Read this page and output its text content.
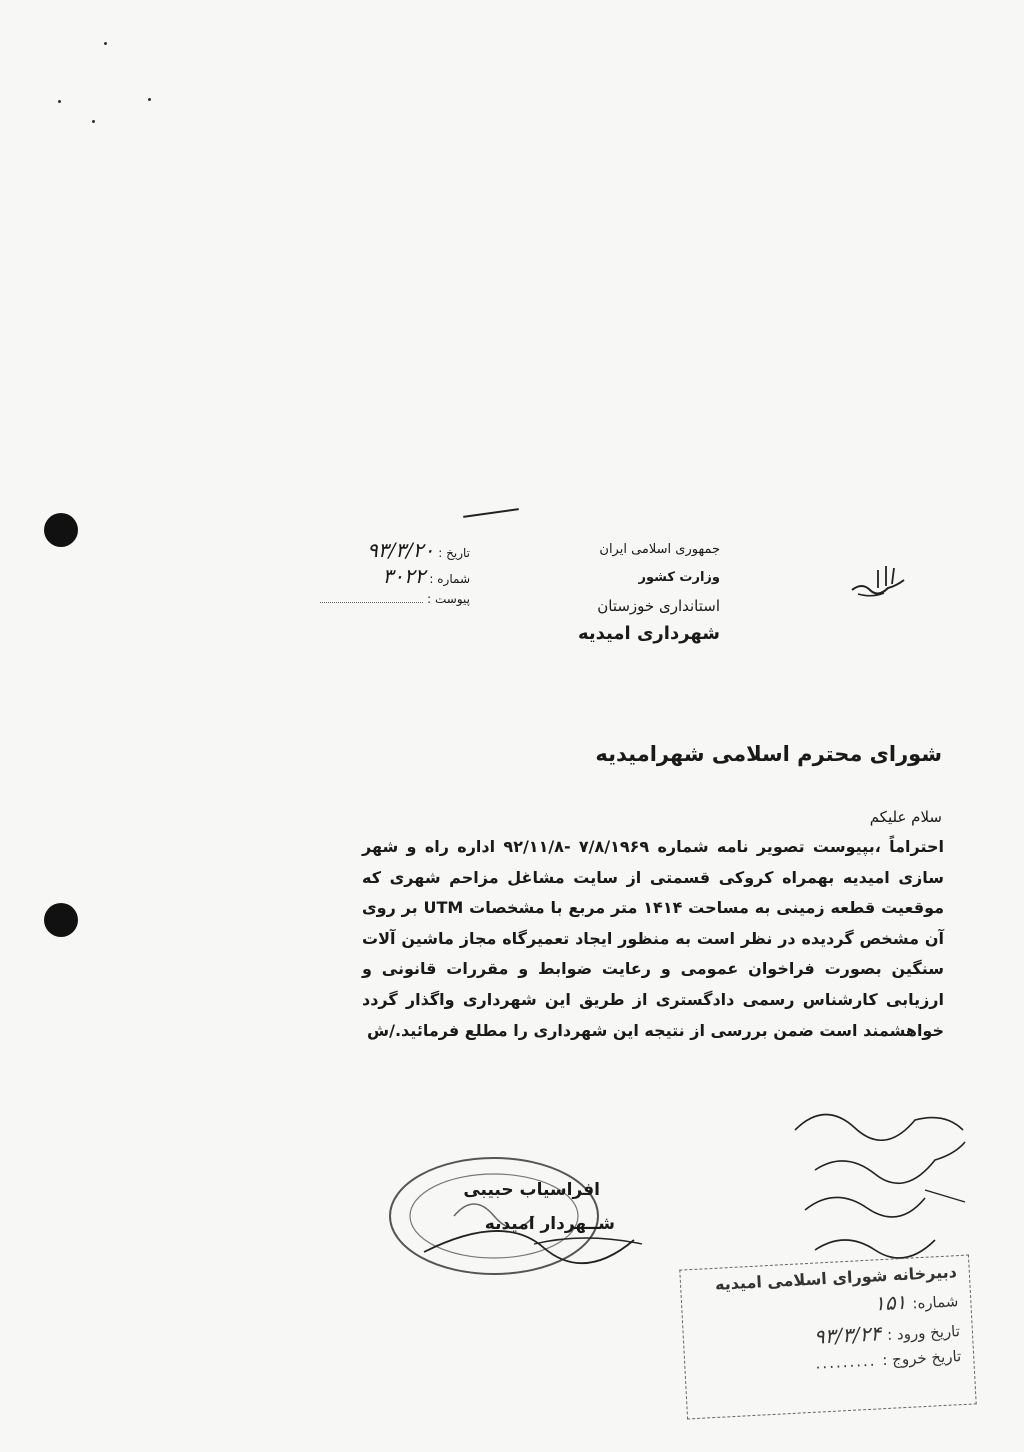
تاریخ :
۹۳/۳/۲۰
شماره :
۳۰۲۲
پیوست :
جمهوری اسلامی ایران
وزارت کشور
استانداری خوزستان
شهرداری امیدیه
شورای محترم اسلامی شهرامیدیه
سلام علیکم

احتراماً ،بپیوست تصویر نامه شماره ۷/۸/۱۹۶۹ -۹۲/۱۱/۸ اداره راه و شهر سازی امیدیه بهمراه کروکی قسمتی از سایت مشاغل مزاحم شهری که موقعیت قطعه زمینی به مساحت ۱۴۱۴ متر مربع با مشخصات UTM بر روی آن مشخص گردیده در نظر است به منظور ایجاد تعمیرگاه مجاز ماشین آلات سنگین بصورت فراخوان عمومی و رعایت ضوابط و مقررات قانونی و ارزیابی کارشناس رسمی دادگستری از طریق این شهرداری واگذار گردد خواهشمند است ضمن بررسی از نتیجه این شهرداری را مطلع فرمائید./ش

افراسیاب حبیبی
شــهردار امیدیه
دبیرخانه شورای اسلامی امیدیه
شماره:
۱۵۱
تاریخ ورود :
۹۳/۳/۲۴
تاریخ خروج :
.........
